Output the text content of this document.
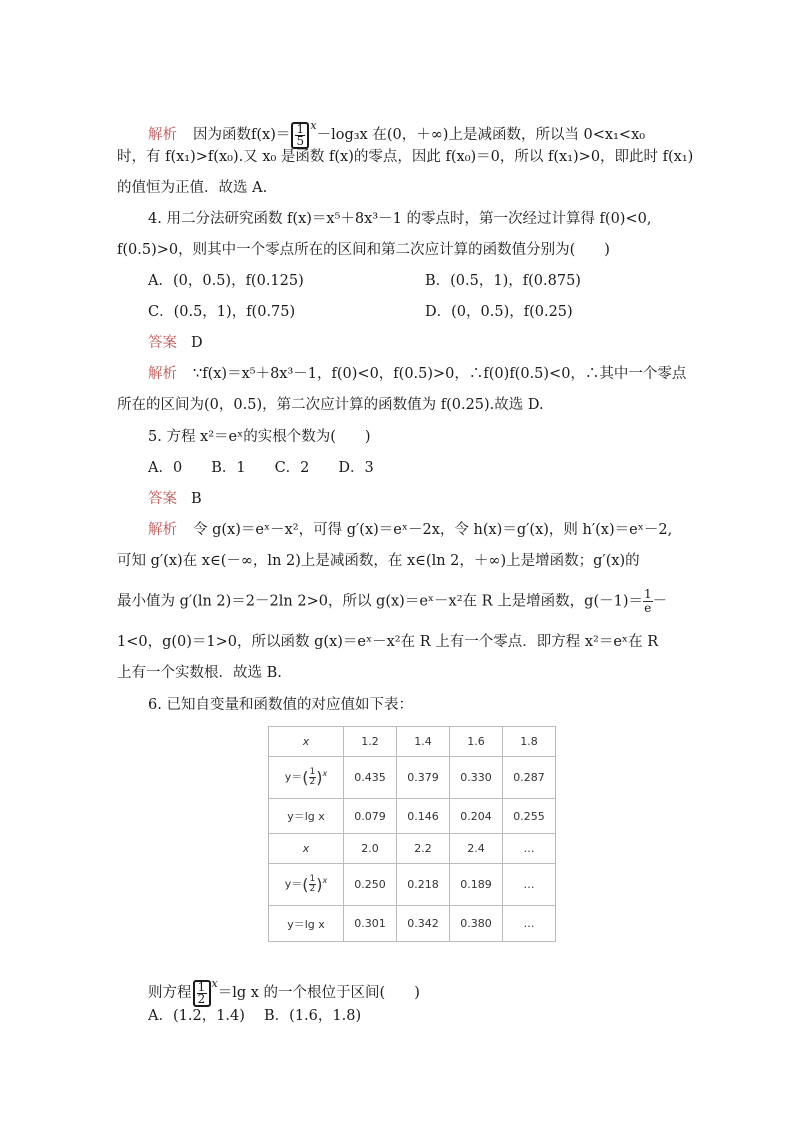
解析 因为函数$f(x)= \frac{1}{5} ^x-\log_3x$ 在(0，＋∞)上是减函数，所以当 0<x₁<x₀
时，有 f(x₁)>f(x₀).又 x₀ 是函数 f(x)的零点，因此 f(x₀)＝0，所以 f(x₁)>0，即此时 f(x₁)
的值恒为正值．故选 A.
4. 用二分法研究函数 f(x)＝x⁵＋8x³－1 的零点时，第一次经过计算得 f(0)<0,
f(0.5)>0，则其中一个零点所在的区间和第二次应计算的函数值分别为(　　)
A．(0，0.5)，f(0.125)	B．(0.5，1)，f(0.875)
C．(0.5，1)，f(0.75)	D．(0，0.5)，f(0.25)
答案 D
解析 ∵f(x)＝x⁵＋8x³－1，f(0)<0，f(0.5)>0，∴f(0)f(0.5)<0，∴其中一个零点
所在的区间为(0，0.5)，第二次应计算的函数值为 f(0.25).故选 D.
5. 方程 x²＝eˣ的实根个数为(　　)
A．0　　B．1　　C．2　　D．3
答案 B
解析 令 g(x)＝eˣ－x²，可得 g′(x)＝eˣ－2x，令 h(x)＝g′(x)，则 h′(x)＝eˣ－2,
可知 g′(x)在 x∈(－∞，ln 2)上是减函数，在 x∈(ln 2，＋∞)上是增函数；g′(x)的
最小值为 g′(ln 2)＝2－2ln 2>0，所以 g(x)＝eˣ－x²在 R 上是增函数，$g(-1)= \frac{1}{e}$ －
1<0，g(0)＝1>0，所以函数 g(x)＝eˣ－x²在 R 上有一个零点．即方程 x²＝eˣ在 R
上有一个实数根．故选 B.
6. 已知自变量和函数值的对应值如下表：
x	1.2	1.4	1.6	1.8
$y=( \frac{1}{2} )^x$	0.435	0.379	0.330	0.287
y＝lg x	0.079	0.146	0.204	0.255
x	2.0	2.2	2.4	…
$y=( \frac{1}{2} )^x$	0.250	0.218	0.189	…
y＝lg x	0.301	0.342	0.380	…
则方程 $\frac{1}{2} ^x=\lg$ x 的一个根位于区间(　　)
A．(1.2，1.4)　 B．(1.6，1.8)
